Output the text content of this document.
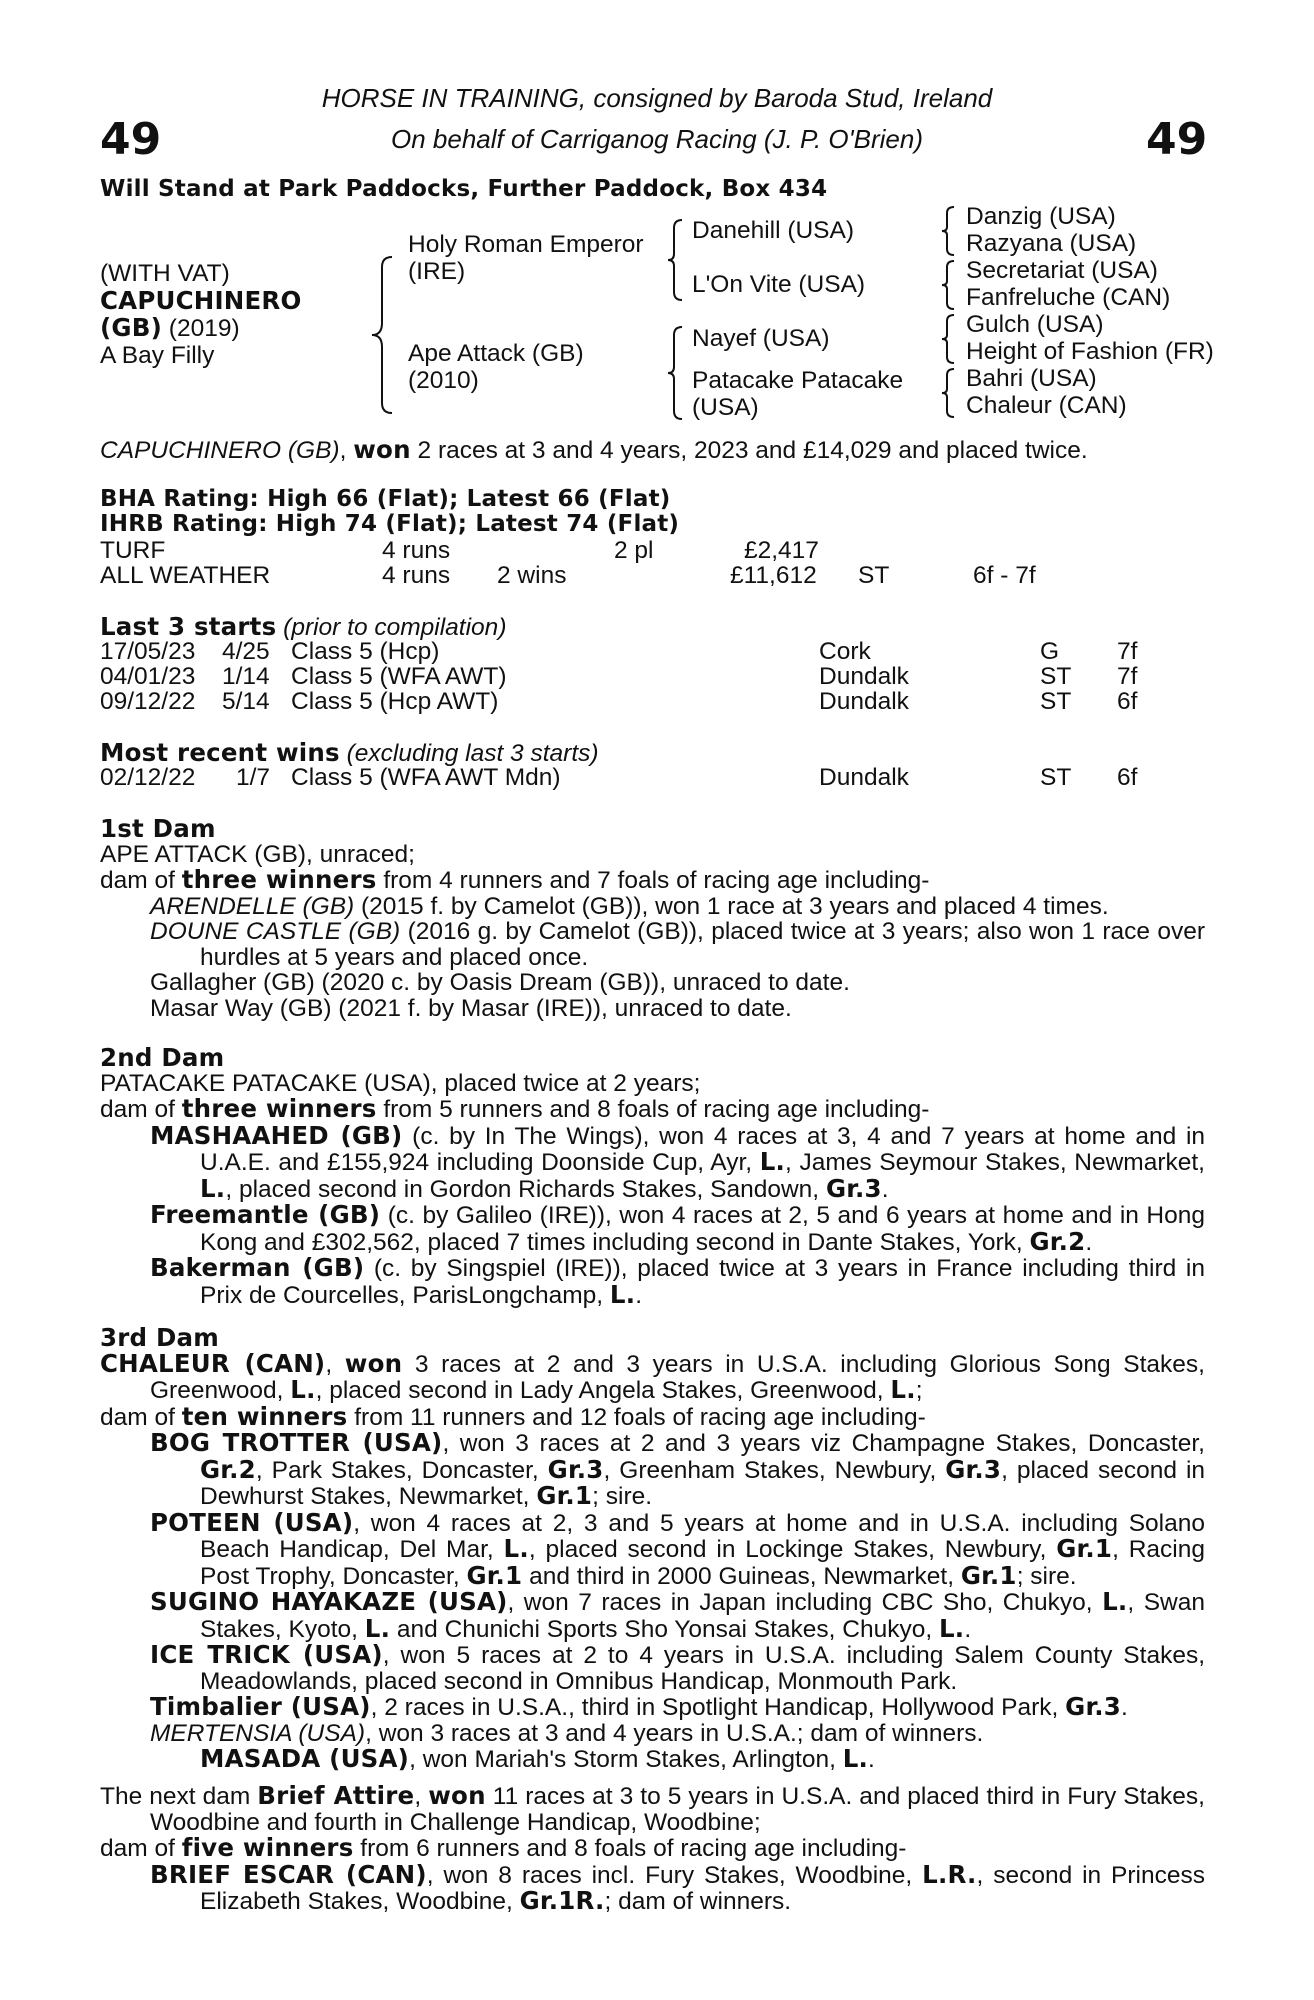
49	49
HORSE IN TRAINING, consigned by Baroda Stud, Ireland
On behalf of Carriganog Racing (J. P. O'Brien)
Will Stand at Park Paddocks, Further Paddock, Box 434
(WITH VAT)
CAPUCHINERO
(GB) (2019)
A Bay Filly
Holy Roman Emperor
(IRE)
Ape Attack (GB)
(2010)
Danehill (USA)
L'On Vite (USA)
Nayef (USA)
Patacake Patacake
(USA)
Danzig (USA)
Razyana (USA)
Secretariat (USA)
Fanfreluche (CAN)
Gulch (USA)
Height of Fashion (FR)
Bahri (USA)
Chaleur (CAN)
CAPUCHINERO (GB), won 2 races at 3 and 4 years, 2023 and £14,029 and placed twice.
BHA Rating: High 66 (Flat); Latest 66 (Flat)
IHRB Rating: High 74 (Flat); Latest 74 (Flat)
TURF	4 runs	2 pl	£2,417
ALL WEATHER	4 runs 2 wins	£11,612 ST	6f - 7f
Last 3 starts (prior to compilation)
17/05/23 4/25 Class 5 (Hcp)	Cork	G 7f
04/01/23 1/14 Class 5 (WFA AWT)	Dundalk	ST 7f
09/12/22 5/14 Class 5 (Hcp AWT)	Dundalk	ST 6f
Most recent wins (excluding last 3 starts)
02/12/22 1/7 Class 5 (WFA AWT Mdn)	Dundalk	ST 6f

1st Dam

APE ATTACK (GB), unraced;

dam of three winners from 4 runners and 7 foals of racing age including-

ARENDELLE (GB) (2015 f. by Camelot (GB)), won 1 race at 3 years and placed 4 times.

DOUNE CASTLE (GB) (2016 g. by Camelot (GB)), placed twice at 3 years; also won 1 race over hurdles at 5 years and placed once.

Gallagher (GB) (2020 c. by Oasis Dream (GB)), unraced to date.

Masar Way (GB) (2021 f. by Masar (IRE)), unraced to date.

2nd Dam

PATACAKE PATACAKE (USA), placed twice at 2 years;

dam of three winners from 5 runners and 8 foals of racing age including-

MASHAAHED (GB) (c. by In The Wings), won 4 races at 3, 4 and 7 years at home and in U.A.E. and £155,924 including Doonside Cup, Ayr, L., James Seymour Stakes, Newmarket, L., placed second in Gordon Richards Stakes, Sandown, Gr.3.

Freemantle (GB) (c. by Galileo (IRE)), won 4 races at 2, 5 and 6 years at home and in Hong Kong and £302,562, placed 7 times including second in Dante Stakes, York, Gr.2.

Bakerman (GB) (c. by Singspiel (IRE)), placed twice at 3 years in France including third in Prix de Courcelles, ParisLongchamp, L..

3rd Dam

CHALEUR (CAN), won 3 races at 2 and 3 years in U.S.A. including Glorious Song Stakes, Greenwood, L., placed second in Lady Angela Stakes, Greenwood, L.;

dam of ten winners from 11 runners and 12 foals of racing age including-

BOG TROTTER (USA), won 3 races at 2 and 3 years viz Champagne Stakes, Doncaster, Gr.2, Park Stakes, Doncaster, Gr.3, Greenham Stakes, Newbury, Gr.3, placed second in Dewhurst Stakes, Newmarket, Gr.1; sire.

POTEEN (USA), won 4 races at 2, 3 and 5 years at home and in U.S.A. including Solano Beach Handicap, Del Mar, L., placed second in Lockinge Stakes, Newbury, Gr.1, Racing Post Trophy, Doncaster, Gr.1 and third in 2000 Guineas, Newmarket, Gr.1; sire.

SUGINO HAYAKAZE (USA), won 7 races in Japan including CBC Sho, Chukyo, L., Swan Stakes, Kyoto, L. and Chunichi Sports Sho Yonsai Stakes, Chukyo, L..

ICE TRICK (USA), won 5 races at 2 to 4 years in U.S.A. including Salem County Stakes, Meadowlands, placed second in Omnibus Handicap, Monmouth Park.

Timbalier (USA), 2 races in U.S.A., third in Spotlight Handicap, Hollywood Park, Gr.3.

MERTENSIA (USA), won 3 races at 3 and 4 years in U.S.A.; dam of winners.

MASADA (USA), won Mariah's Storm Stakes, Arlington, L..

The next dam Brief Attire, won 11 races at 3 to 5 years in U.S.A. and placed third in Fury Stakes, Woodbine and fourth in Challenge Handicap, Woodbine;

dam of five winners from 6 runners and 8 foals of racing age including-

BRIEF ESCAR (CAN), won 8 races incl. Fury Stakes, Woodbine, L.R., second in Princess Elizabeth Stakes, Woodbine, Gr.1R.; dam of winners.
